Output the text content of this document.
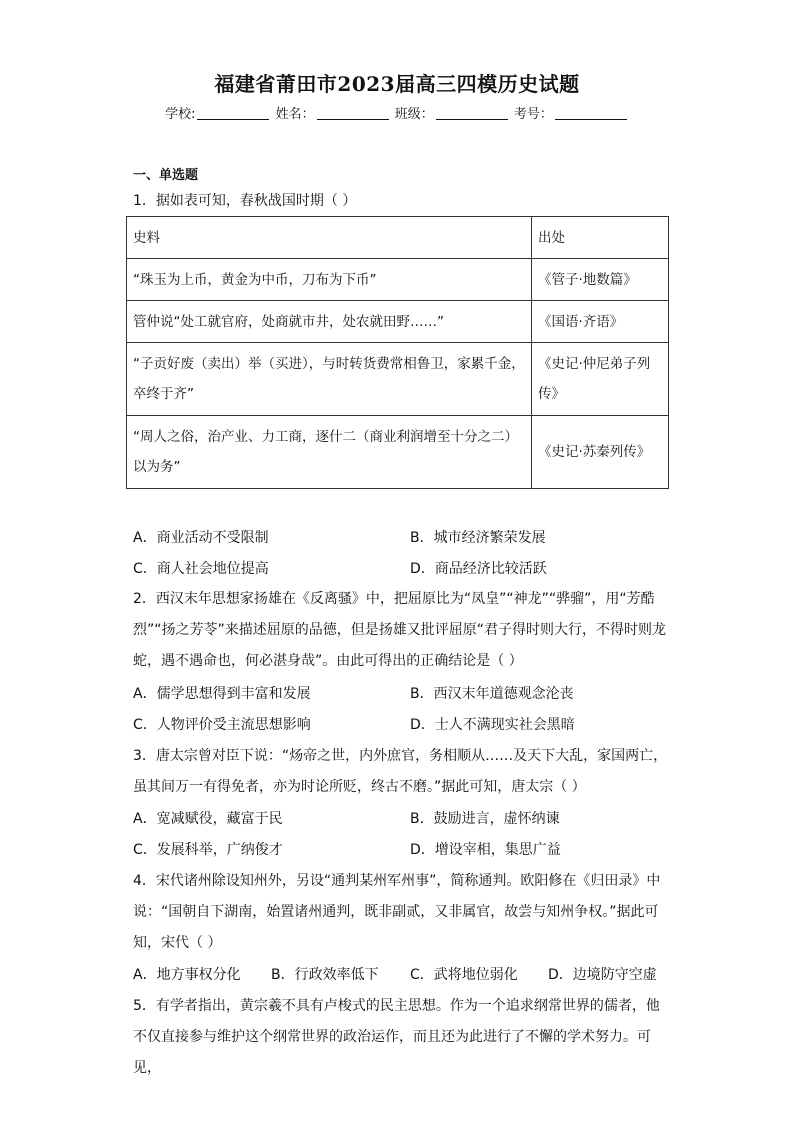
福建省莆田市2023届高三四模历史试题
学校:	姓名：	班级：	考号：
一、单选题
1．据如表可知，春秋战国时期（ ）
史料	出处
“珠玉为上币，黄金为中币，刀布为下币”	《管子·地数篇》
管仲说“处工就官府，处商就市井，处农就田野……”	《国语·齐语》
“子贡好废（卖出）举（买进），与时转货费常相鲁卫，家累千金，卒终于齐”	《史记·仲尼弟子列传》
“周人之俗，治产业、力工商，逐什二（商业利润增至十分之二）以为务”	《史记·苏秦列传》
A．商业活动不受限制	B．城市经济繁荣发展
C．商人社会地位提高	D．商品经济比较活跃
2．西汉末年思想家扬雄在《反离骚》中，把屈原比为“凤皇”“神龙”“骅骝”，用“芳酷
烈”“扬之芳苓”来描述屈原的品德，但是扬雄又批评屈原“君子得时则大行，不得时则龙
蛇，遇不遇命也，何必湛身哉”。由此可得出的正确结论是（ ）
A．儒学思想得到丰富和发展	B．西汉末年道德观念沦丧
C．人物评价受主流思想影响	D．士人不满现实社会黑暗
3．唐太宗曾对臣下说：“炀帝之世，内外庶官，务相顺从……及天下大乱，家国两亡，
虽其间万一有得免者，亦为时论所贬，终古不磨。”据此可知，唐太宗（ ）
A．宽减赋役，藏富于民	B．鼓励进言，虚怀纳谏
C．发展科举，广纳俊才	D．增设宰相，集思广益
4．宋代诸州除设知州外，另设“通判某州军州事”，简称通判。欧阳修在《归田录》中
说：“国朝自下湖南，始置诸州通判，既非副贰，又非属官，故尝与知州争权。”据此可
知，宋代（ ）
A．地方事权分化 B．行政效率低下 C．武将地位弱化 D．边境防守空虚
5．有学者指出，黄宗羲不具有卢梭式的民主思想。作为一个追求纲常世界的儒者，他
不仅直接参与维护这个纲常世界的政治运作，而且还为此进行了不懈的学术努力。可见，
